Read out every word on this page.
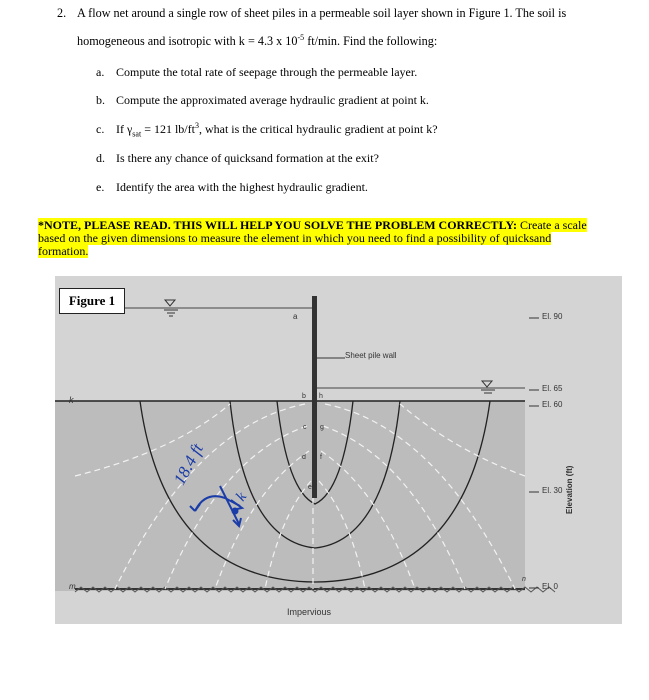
2. A flow net around a single row of sheet piles in a permeable soil layer shown in Figure 1. The soil is
homogeneous and isotropic with k = 4.3 x $10^{-5}$ ft/min. Find the following:
a. Compute the total rate of seepage through the permeable layer.
b. Compute the approximated average hydraulic gradient at point k.
c. If $\gamma_{sat} = 121$ $lb/ft^3$, what is the critical hydraulic gradient at point k?
d. Is there any chance of quicksand formation at the exit?
e. Identify the area with the highest hydraulic gradient.
*NOTE, PLEASE READ. THIS WILL HELP YOU SOLVE THE PROBLEM CORRECTLY: Create a scale based on the given dimensions to measure the element in which you need to find a possibility of quicksand formation.
18.4 ft
k
Figure 1
a
Sheet pile wall
i
b h
c g
d f
e
k
m
n
El. 90
El. 65
El. 60
El. 30
El. 0
Elevation (ft)
Impervious
